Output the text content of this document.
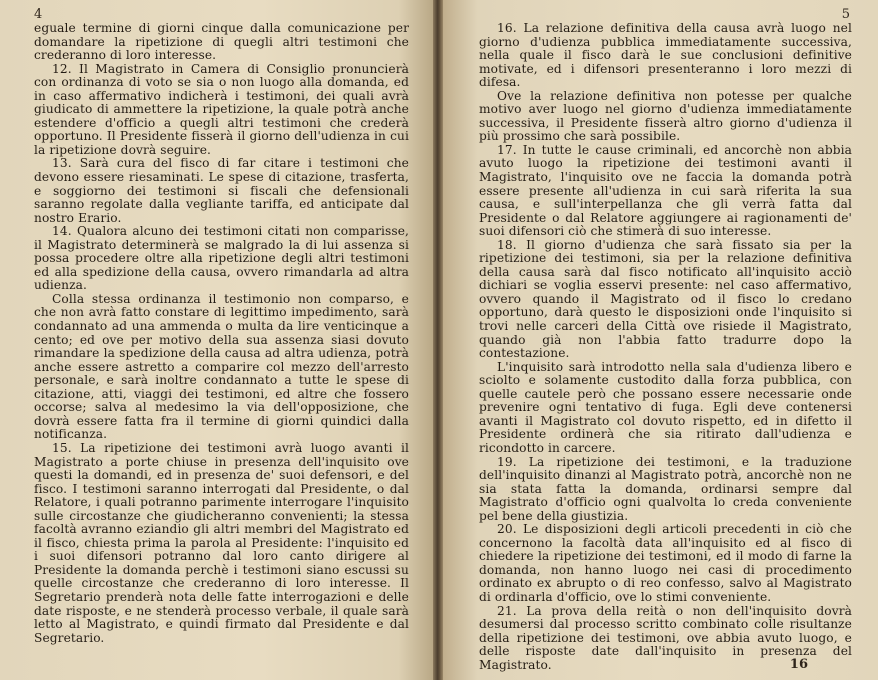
4

eguale termine di giorni cinque dalla comunicazione per domandare la ripetizione di quegli altri testimoni che crederanno di loro interesse.

12. Il Magistrato in Camera di Consiglio pronuncierà con ordinanza di voto se sia o non luogo alla domanda, ed in caso affermativo indicherà i testimoni, dei quali avrà giudicato di ammettere la ripetizione, la quale potrà anche estendere d'officio a quegli altri testimoni che crederà opportuno. Il Presidente fisserà il giorno dell'udienza in cui la ripetizione dovrà seguire.

13. Sarà cura del fisco di far citare i testimoni che devono essere riesaminati. Le spese di citazione, trasferta, e soggiorno dei testimoni si fiscali che defensionali saranno regolate dalla vegliante tariffa, ed anticipate dal nostro Erario.

14. Qualora alcuno dei testimoni citati non comparisse, il Magistrato determinerà se malgrado la di lui assenza si possa procedere oltre alla ripetizione degli altri testimoni ed alla spedizione della causa, ovvero rimandarla ad altra udienza.

Colla stessa ordinanza il testimonio non comparso, e che non avrà fatto constare di legittimo impedimento, sarà condannato ad una ammenda o multa da lire venticinque a cento; ed ove per motivo della sua assenza siasi dovuto rimandare la spedizione della causa ad altra udienza, potrà anche essere astretto a comparire col mezzo dell'arresto personale, e sarà inoltre condannato a tutte le spese di citazione, atti, viaggi dei testimoni, ed altre che fossero occorse; salva al medesimo la via dell'opposizione, che dovrà essere fatta fra il termine di giorni quindici dalla notificanza.

15. La ripetizione dei testimoni avrà luogo avanti il Magistrato a porte chiuse in presenza dell'inquisito ove questi la domandi, ed in presenza de' suoi defensori, e del fisco. I testimoni saranno interrogati dal Presidente, o dal Relatore, i quali potranno parimente interrogare l'inquisito sulle circostanze che giudicheranno convenienti; la stessa facoltà avranno eziandio gli altri membri del Magistrato ed il fisco, chiesta prima la parola al Presidente: l'inquisito ed i suoi difensori potranno dal loro canto dirigere al Presidente la domanda perchè i testimoni siano escussi su quelle circostanze che crederanno di loro interesse. Il Segretario prenderà nota delle fatte interrogazioni e delle date risposte, e ne stenderà processo verbale, il quale sarà letto al Magistrato, e quindi firmato dal Presidente e dal Segretario.

5

16. La relazione definitiva della causa avrà luogo nel giorno d'udienza pubblica immediatamente successiva, nella quale il fisco darà le sue conclusioni definitive motivate, ed i difensori presenteranno i loro mezzi di difesa.

Ove la relazione definitiva non potesse per qualche motivo aver luogo nel giorno d'udienza immediatamente successiva, il Presidente fisserà altro giorno d'udienza il più prossimo che sarà possibile.

17. In tutte le cause criminali, ed ancorchè non abbia avuto luogo la ripetizione dei testimoni avanti il Magistrato, l'inquisito ove ne faccia la domanda potrà essere presente all'udienza in cui sarà riferita la sua causa, e sull'interpellanza che gli verrà fatta dal Presidente o dal Relatore aggiungere ai ragionamenti de' suoi difensori ciò che stimerà di suo interesse.

18. Il giorno d'udienza che sarà fissato sia per la ripetizione dei testimoni, sia per la relazione definitiva della causa sarà dal fisco notificato all'inquisito acciò dichiari se voglia esservi presente: nel caso affermativo, ovvero quando il Magistrato od il fisco lo credano opportuno, darà questo le disposizioni onde l'inquisito si trovi nelle carceri della Città ove risiede il Magistrato, quando già non l'abbia fatto tradurre dopo la contestazione.

L'inquisito sarà introdotto nella sala d'udienza libero e sciolto e solamente custodito dalla forza pubblica, con quelle cautele però che possano essere necessarie onde prevenire ogni tentativo di fuga. Egli deve contenersi avanti il Magistrato col dovuto rispetto, ed in difetto il Presidente ordinerà che sia ritirato dall'udienza e ricondotto in carcere.

19. La ripetizione dei testimoni, e la traduzione dell'inquisito dinanzi al Magistrato potrà, ancorchè non ne sia stata fatta la domanda, ordinarsi sempre dal Magistrato d'officio ogni qualvolta lo creda conveniente pel bene della giustizia.

20. Le disposizioni degli articoli precedenti in ciò che concernono la facoltà data all'inquisito ed al fisco di chiedere la ripetizione dei testimoni, ed il modo di farne la domanda, non hanno luogo nei casi di procedimento ordinato ex abrupto o di reo confesso, salvo al Magistrato di ordinarla d'officio, ove lo stimi conveniente.

21. La prova della reità o non dell'inquisito dovrà desumersi dal processo scritto combinato colle risultanze della ripetizione dei testimoni, ove abbia avuto luogo, e delle risposte date dall'inquisito in presenza del Magistrato.	16
